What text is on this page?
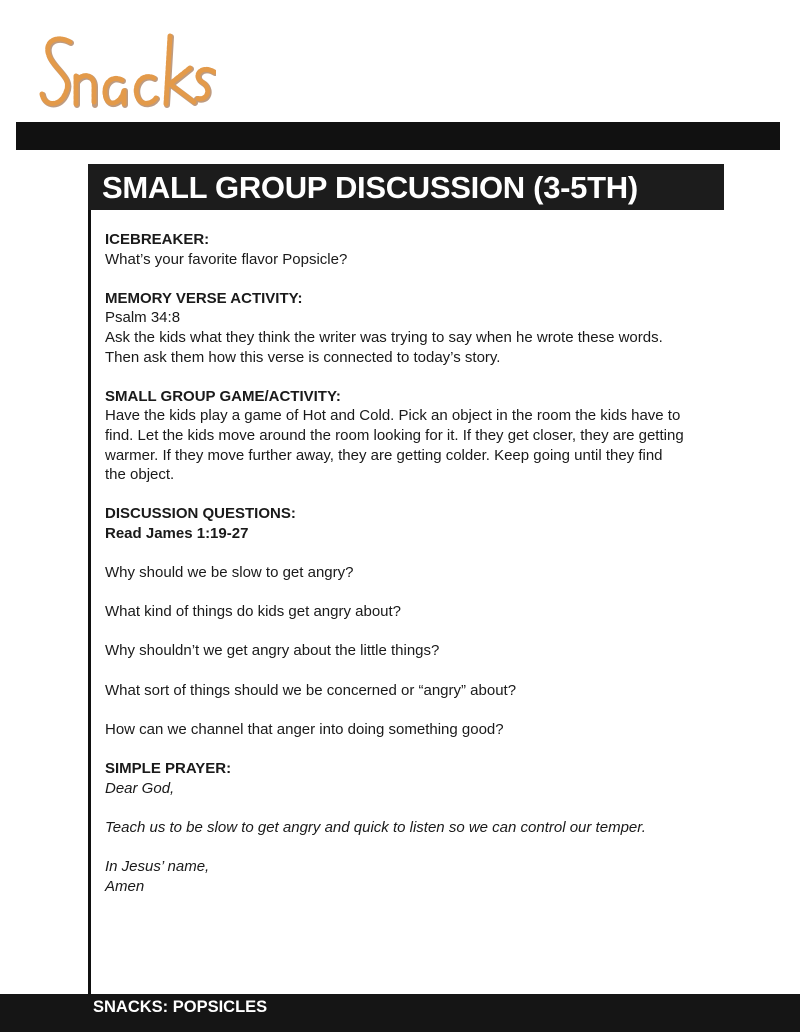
SMALL GROUP DISCUSSION (3-5TH)

ICEBREAKER:

What’s your favorite flavor Popsicle?

MEMORY VERSE ACTIVITY:

Psalm 34:8

Ask the kids what they think the writer was trying to say when he wrote these words.

Then ask them how this verse is connected to today’s story.

SMALL GROUP GAME/ACTIVITY:

Have the kids play a game of Hot and Cold. Pick an object in the room the kids have to

find. Let the kids move around the room looking for it. If they get closer, they are getting

warmer. If they move further away, they are getting colder. Keep going until they find

the object.

DISCUSSION QUESTIONS:

Read James 1:19-27

Why should we be slow to get angry?

What kind of things do kids get angry about?

Why shouldn’t we get angry about the little things?

What sort of things should we be concerned or “angry” about?

How can we channel that anger into doing something good?

SIMPLE PRAYER:

Dear God,

Teach us to be slow to get angry and quick to listen so we can control our temper.

In Jesus’ name,

Amen

SNACKS: POPSICLES
